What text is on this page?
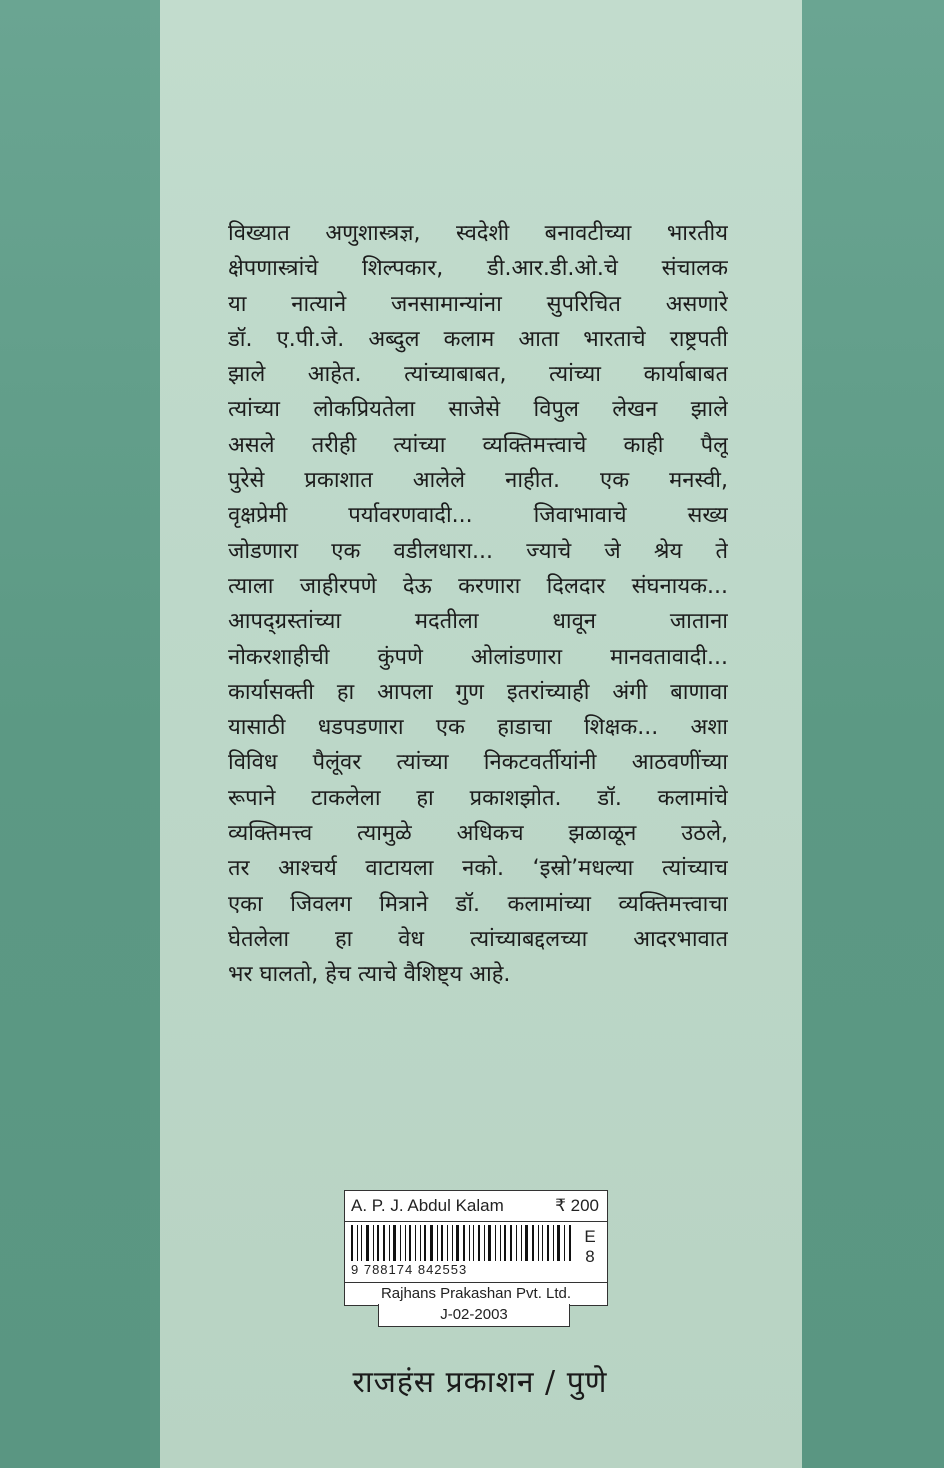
विख्यात अणुशास्त्रज्ञ, स्वदेशी बनावटीच्या भारतीय
क्षेपणास्त्रांचे शिल्पकार, डी.आर.डी.ओ.चे संचालक
या नात्याने जनसामान्यांना सुपरिचित असणारे
डॉ. ए.पी.जे. अब्दुल कलाम आता भारताचे राष्ट्रपती
झाले आहेत. त्यांच्याबाबत, त्यांच्या कार्याबाबत
त्यांच्या लोकप्रियतेला साजेसे विपुल लेखन झाले
असले तरीही त्यांच्या व्यक्तिमत्त्वाचे काही पैलू
पुरेसे प्रकाशात आलेले नाहीत. एक मनस्वी,
वृक्षप्रेमी पर्यावरणवादी... जिवाभावाचे सख्य
जोडणारा एक वडीलधारा... ज्याचे जे श्रेय ते
त्याला जाहीरपणे देऊ करणारा दिलदार संघनायक...
आपद्ग्रस्तांच्या मदतीला धावून जाताना
नोकरशाहीची कुंपणे ओलांडणारा मानवतावादी...
कार्यासक्ती हा आपला गुण इतरांच्याही अंगी बाणावा
यासाठी धडपडणारा एक हाडाचा शिक्षक... अशा
विविध पैलूंवर त्यांच्या निकटवर्तीयांनी आठवणींच्या
रूपाने टाकलेला हा प्रकाशझोत. डॉ. कलामांचे
व्यक्तिमत्त्व त्यामुळे अधिकच झळाळून उठले,
तर आश्चर्य वाटायला नको. ‘इस्रो’मधल्या त्यांच्याच
एका जिवलग मित्राने डॉ. कलामांच्या व्यक्तिमत्त्वाचा
घेतलेला हा वेध त्यांच्याबद्दलच्या आदरभावात
भर घालतो, हेच त्याचे वैशिष्ट्य आहे.
A. P. J. Abdul Kalam	₹ 200
9 788174 842553
E
8
Rajhans Prakashan Pvt. Ltd.
J-02-2003
राजहंस प्रकाशन / पुणे
